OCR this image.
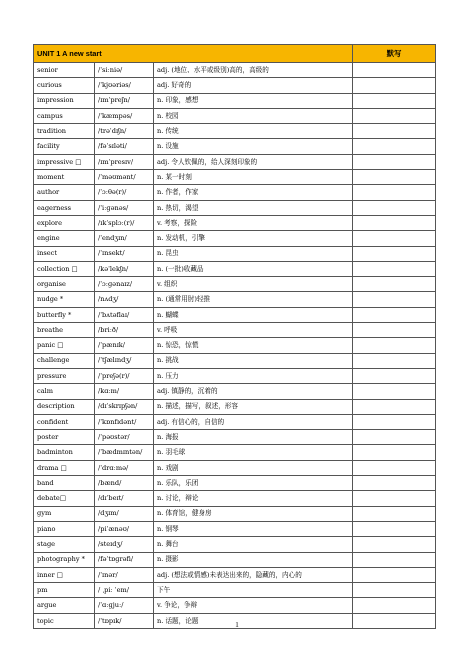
UNIT 1 A new start			默写
senior	/ˈsiːniə/	adj. (地位、水平或级别)高的，高级的	
curious	/ˈkjʊəriəs/	adj. 好奇的	
impression	/ɪmˈpreʃn/	n. 印象，感想	
campus	/ˈkæmpəs/	n. 校园	
tradition	/trəˈdɪʃn/	n. 传统	
facility	/fəˈsɪləti/	n. 设施	
impressive □	/ɪmˈpresɪv/	adj. 令人钦佩的，给人深刻印象的	
moment	/ˈməʊmənt/	n. 某一时刻	
author	/ˈɔːθə(r)/	n. 作者，作家	
eagerness	/ˈiːɡənəs/	n. 热切，渴望	
explore	/ɪkˈsplɔː(r)/	v. 考察，探险	
engine	/ˈendʒɪn/	n. 发动机，引擎	
insect	/ˈɪnsekt/	n. 昆虫	
collection □	/kəˈlekʃn/	n. (一批)收藏品	
organise	/ˈɔːɡənaɪz/	v. 组织	
nudge *	/nʌdʒ/	n. (通常用肘)轻推	
butterfly *	/ˈbʌtəflaɪ/	n. 蝴蝶	
breathe	/briːð/	v. 呼吸	
panic □	/ˈpænɪk/	n. 惊恐，惊慌	
challenge	/ˈtʃælɪndʒ/	n. 挑战	
pressure	/ˈpreʃə(r)/	n. 压力	
calm	/kɑːm/	adj. 镇静的，沉着的	
description	/dɪˈskrɪpʃən/	n. 描述，描写，叙述，形容	
confident	/ˈkɒnfɪdənt/	adj. 有信心的，自信的	
poster	/ˈpəʊstər/	n. 海报	
badminton	/ˈbædmɪntən/	n. 羽毛球	
drama □	/ˈdrɑːmə/	n. 戏剧	
band	/bænd/	n. 乐队，乐团	
debate□	/dɪˈbeɪt/	n. 讨论，辩论	
gym	/dʒɪm/	n. 体育馆，健身房	
piano	/piˈænəʊ/	n. 钢琴	
stage	/steɪdʒ/	n. 舞台	
photography *	/fəˈtɒɡrəfi/	n. 摄影	
inner □	/ˈɪnər/	adj. (想法或情感)未表达出来的，隐藏的，内心的	
pm	/ ˌpiː ˈem/	下午	
argue	/ˈɑːɡjuː/	v. 争论，争辩	
topic	/ˈtɒpɪk/	n. 话题，论题	
1
